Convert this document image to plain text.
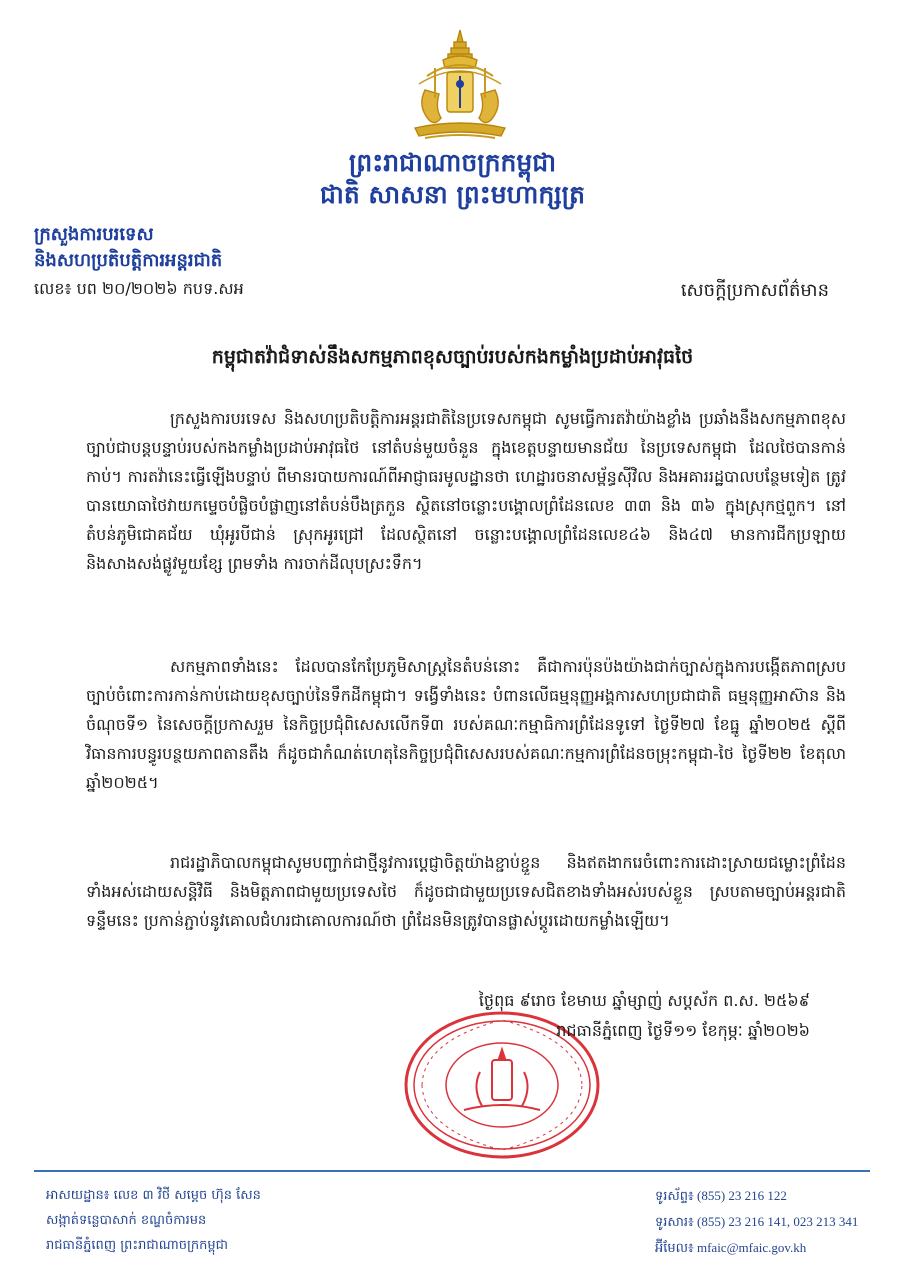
ព្រះរាជាណាចក្រកម្ពុជា
ជាតិ សាសនា ព្រះមហាក្សត្រ
ក្រសួងការបរទេស
និងសហប្រតិបត្តិការអន្តរជាតិ
លេខ៖ បព ២០/២០២៦ កបទ.សអ	សេចក្តីប្រកាសព័ត៌មាន
កម្ពុជាតវ៉ាជំទាស់នឹងសកម្មភាពខុសច្បាប់របស់កងកម្លាំងប្រដាប់អាវុធថៃ
ក្រសួងការបរទេស និងសហប្រតិបត្តិការអន្តរជាតិនៃប្រទេសកម្ពុជា សូមធ្វើការតវ៉ាយ៉ាងខ្លាំង ប្រឆាំងនឹងសកម្មភាពខុសច្បាប់ជាបន្តបន្ទាប់របស់កងកម្លាំងប្រដាប់អាវុធថៃ នៅតំបន់មួយចំនួន ក្នុងខេត្តបន្ទាយមានជ័យ នៃប្រទេសកម្ពុជា ដែលថៃបានកាន់កាប់។ ការតវ៉ានេះធ្វើឡើងបន្ទាប់ ពីមានរបាយការណ៍ពីអាជ្ញាធរមូលដ្ឋានថា ហេដ្ឋារចនាសម្ព័ន្ធស៊ីវិល និងអគាររដ្ឋបាលបន្ថែមទៀត ត្រូវបានយោធាថៃវាយកម្ទេចបំផ្លិចបំផ្លាញនៅតំបន់បឹងត្រកួន ស្ថិតនៅចន្លោះបង្គោលព្រំដែនលេខ ៣៣ និង ៣៦ ក្នុងស្រុកថ្មពួក។ នៅតំបន់ភូមិជោគជ័យ ឃុំអូរបីជាន់ ស្រុកអូរជ្រៅ ដែលស្ថិតនៅ ចន្លោះបង្គោលព្រំដែនលេខ៤៦ និង៤៧ មានការជីកប្រឡាយ និងសាងសង់ផ្លូវមួយខ្សែ ព្រមទាំង ការចាក់ដីលុបស្រះទឹក។
សកម្មភាពទាំងនេះ ដែលបានកែប្រែភូមិសាស្ត្រនៃតំបន់នោះ គឺជាការប៉ុនប៉ងយ៉ាងជាក់ច្បាស់ក្នុងការបង្កើតភាពស្របច្បាប់ចំពោះការកាន់កាប់ដោយខុសច្បាប់នៃទឹកដីកម្ពុជា។ ទង្វើទាំងនេះ បំពានលើធម្មនុញ្ញអង្គការសហប្រជាជាតិ ធម្មនុញ្ញអាស៊ាន និងចំណុចទី១ នៃសេចក្តីប្រកាសរួម នៃកិច្ចប្រជុំពិសេសលើកទី៣ របស់គណៈកម្មាធិការព្រំដែនទូទៅ ថ្ងៃទី២៧ ខែធ្នូ ឆ្នាំ២០២៥ ស្តីពីវិធានការបន្ធូរបន្ថយភាពតានតឹង ក៏ដូចជាកំណត់ហេតុនៃកិច្ចប្រជុំពិសេសរបស់គណៈកម្មការព្រំដែនចម្រុះកម្ពុជា-ថៃ ថ្ងៃទី២២ ខែតុលា ឆ្នាំ២០២៥។
រាជរដ្ឋាភិបាលកម្ពុជាសូមបញ្ជាក់ជាថ្មីនូវការប្តេជ្ញាចិត្តយ៉ាងខ្ជាប់ខ្ជួន និងឥតងាករេចំពោះការដោះស្រាយជម្លោះព្រំដែនទាំងអស់ដោយសន្តិវិធី និងមិត្តភាពជាមួយប្រទេសថៃ ក៏ដូចជាជាមួយប្រទេសជិតខាងទាំងអស់របស់ខ្លួន ស្របតាមច្បាប់អន្តរជាតិ ទន្ទឹមនេះ ប្រកាន់ភ្ជាប់នូវគោលជំហរជាគោលការណ៍ថា ព្រំដែនមិនត្រូវបានផ្លាស់ប្តូរដោយកម្លាំងឡើយ។
ថ្ងៃពុធ ៩រោច ខែមាឃ ឆ្នាំម្សាញ់ សប្តស័ក ព.ស. ២៥៦៩
រាជធានីភ្នំពេញ ថ្ងៃទី១១ ខែកុម្ភៈ ឆ្នាំ២០២៦
អាសយដ្ឋាន៖ លេខ ៣ វិថី សម្តេច ហ៊ុន សែន
សង្កាត់ទន្លេបាសាក់ ខណ្ឌចំការមន
រាជធានីភ្នំពេញ ព្រះរាជាណាចក្រកម្ពុជា
ទូរស័ព្ទ៖ (855) 23 216 122
ទូរសារ៖ (855) 23 216 141, 023 213 341
អ៊ីមែល៖ mfaic@mfaic.gov.kh
